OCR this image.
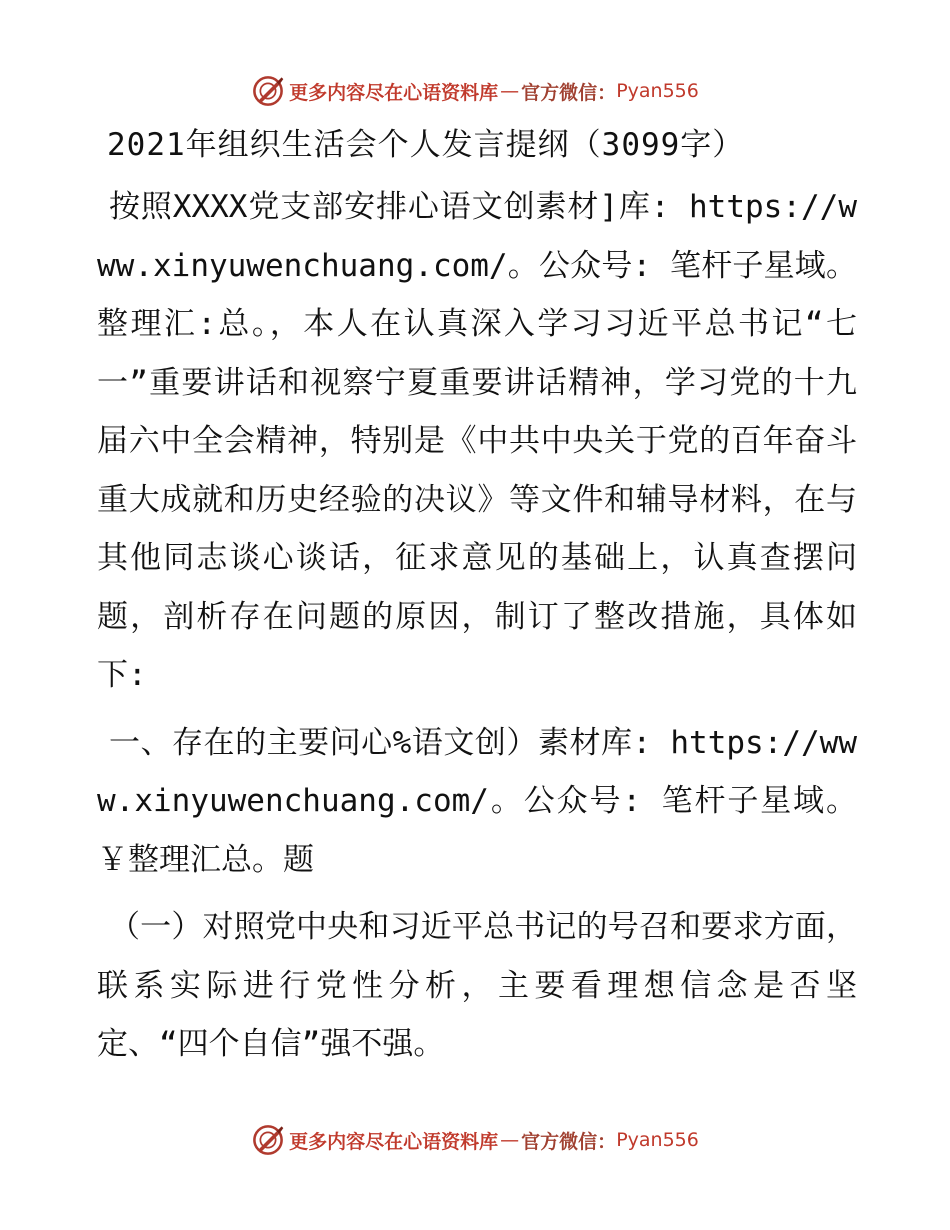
更多内容尽在心语资料库 — 官方微信： Pyan556
2021年组织生活会个人发言提纲（3099字）

按照XXXX党支部安排心语文创素材]库: https://www.xinyuwenchuang.com/。公众号: 笔杆子星域。整理汇:总。，本人在认真深入学习习近平总书记“七一”重要讲话和视察宁夏重要讲话精神，学习党的十九届六中全会精神，特别是《中共中央关于党的百年奋斗重大成就和历史经验的决议》等文件和辅导材料，在与其他同志谈心谈话，征求意见的基础上，认真查摆问题，剖析存在问题的原因，制订了整改措施，具体如下:

一、存在的主要问心%语文创）素材库: https://www.xinyuwenchuang.com/。公众号: 笔杆子星域。￥整理汇总。题

（一）对照党中央和习近平总书记的号召和要求方面，联系实际进行党性分析，主要看理想信念是否坚定、“四个自信”强不强。

更多内容尽在心语资料库 — 官方微信： Pyan556
